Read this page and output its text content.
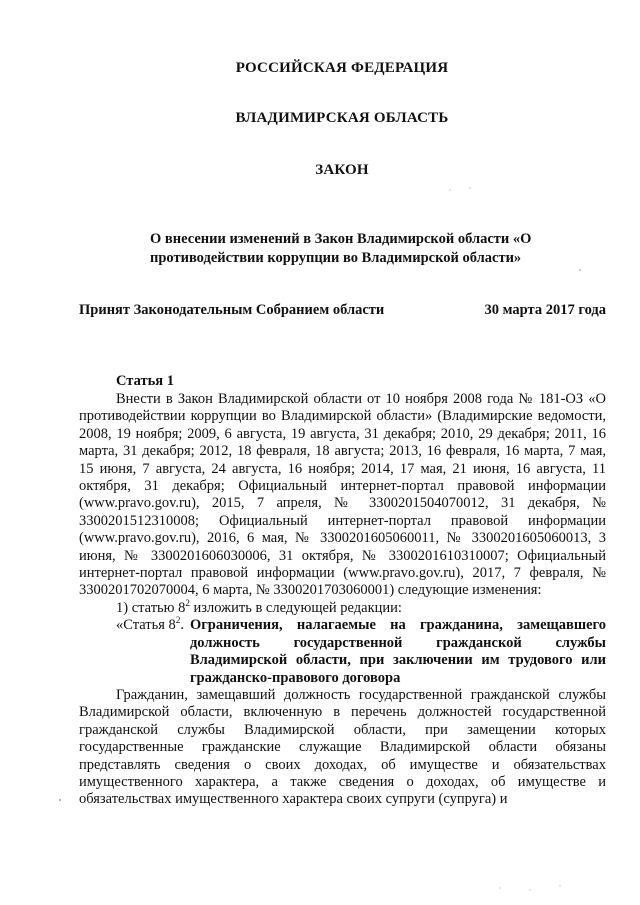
РОССИЙСКАЯ ФЕДЕРАЦИЯ
ВЛАДИМИРСКАЯ ОБЛАСТЬ
ЗАКОН
О внесении изменений в Закон Владимирской области «О противодействии коррупции во Владимирской области»
Принят Законодательным Собранием области	30 марта 2017 года
Статья 1

Внести в Закон Владимирской области от 10 ноября 2008 года № 181-ОЗ «О противодействии коррупции во Владимирской области» (Владимирские ведомости, 2008, 19 ноября; 2009, 6 августа, 19 августа, 31 декабря; 2010, 29 декабря; 2011, 16 марта, 31 декабря; 2012, 18 февраля, 18 августа; 2013, 16 февраля, 16 марта, 7 мая, 15 июня, 7 августа, 24 августа, 16 ноября; 2014, 17 мая, 21 июня, 16 августа, 11 октября, 31 декабря; Официальный интернет-портал правовой информации (www.pravo.gov.ru), 2015, 7 апреля, № 3300201504070012, 31 декабря, № 3300201512310008; Официальный интернет-портал правовой информации (www.pravo.gov.ru), 2016, 6 мая, № 3300201605060011, № 3300201605060013, 3 июня, № 3300201606030006, 31 октября, № 3300201610310007; Официальный интернет-портал правовой информации (www.pravo.gov.ru), 2017, 7 февраля, № 3300201702070004, 6 марта, № 3300201703060001) следующие изменения:

1) статью $8^2$ изложить в следующей редакции:

«Статья $8^2$. Ограничения, налагаемые на гражданина, замещавшего должность государственной гражданской службы Владимирской области, при заключении им трудового или гражданско-правового договора

Гражданин, замещавший должность государственной гражданской службы Владимирской области, включенную в перечень должностей государственной гражданской службы Владимирской области, при замещении которых государственные гражданские служащие Владимирской области обязаны представлять сведения о своих доходах, об имуществе и обязательствах имущественного характера, а также сведения о доходах, об имуществе и обязательствах имущественного характера своих супруги (супруга) и
